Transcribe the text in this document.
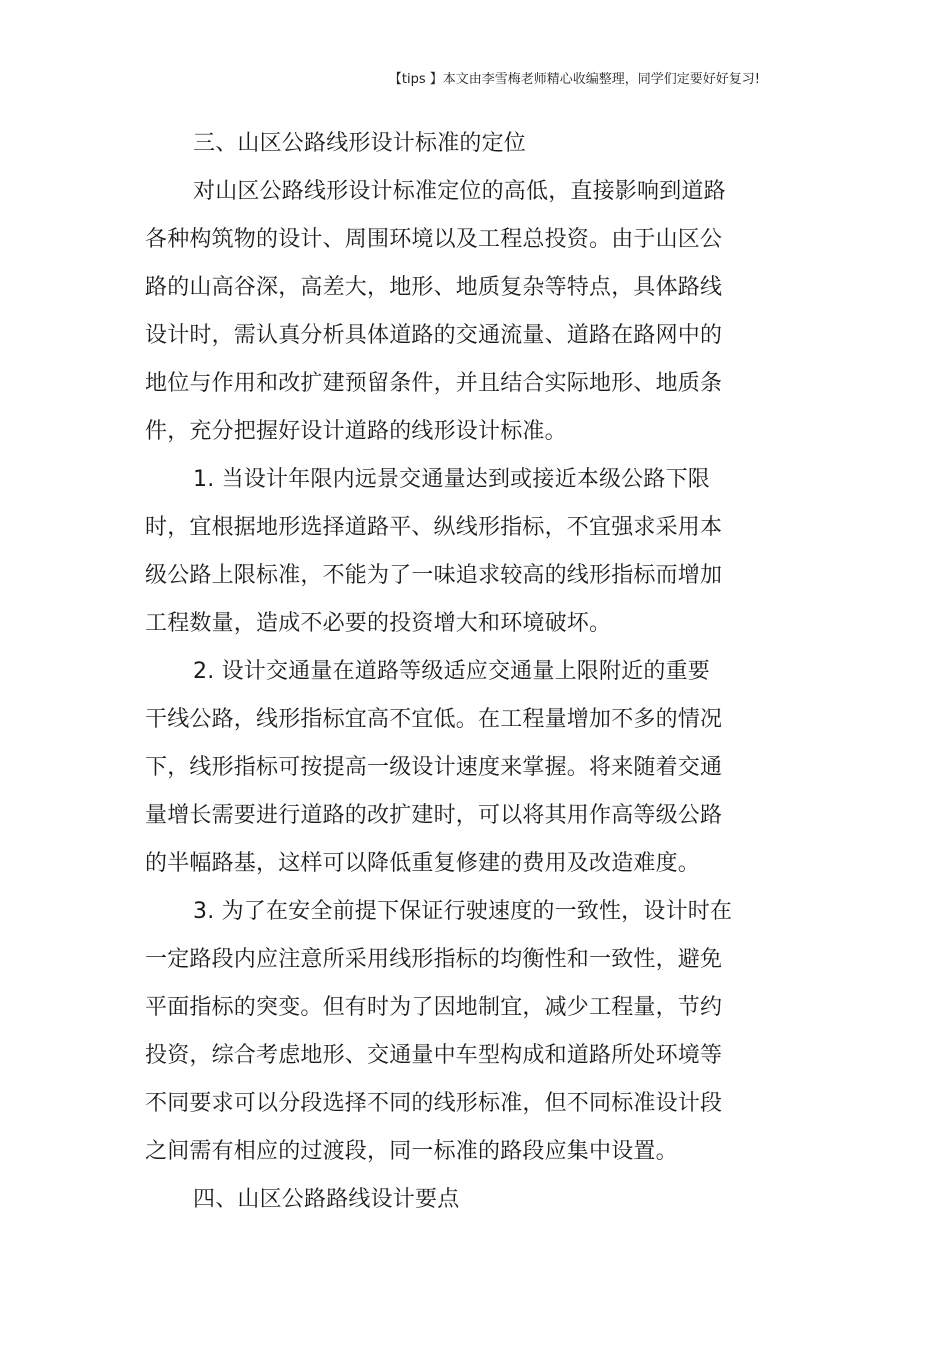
【tips 】本文由李雪梅老师精心收编整理，同学们定要好好复习!
三、山区公路线形设计标准的定位
对山区公路线形设计标准定位的高低，直接影响到道路
各种构筑物的设计、周围环境以及工程总投资。由于山区公
路的山高谷深，高差大，地形、地质复杂等特点，具体路线
设计时，需认真分析具体道路的交通流量、道路在路网中的
地位与作用和改扩建预留条件，并且结合实际地形、地质条
件，充分把握好设计道路的线形设计标准。
1. 当设计年限内远景交通量达到或接近本级公路下限
时，宜根据地形选择道路平、纵线形指标，不宜强求采用本
级公路上限标准，不能为了一味追求较高的线形指标而增加
工程数量，造成不必要的投资增大和环境破坏。
2. 设计交通量在道路等级适应交通量上限附近的重要
干线公路，线形指标宜高不宜低。在工程量增加不多的情况
下，线形指标可按提高一级设计速度来掌握。将来随着交通
量增长需要进行道路的改扩建时，可以将其用作高等级公路
的半幅路基，这样可以降低重复修建的费用及改造难度。
3. 为了在安全前提下保证行驶速度的一致性，设计时在
一定路段内应注意所采用线形指标的均衡性和一致性，避免
平面指标的突变。但有时为了因地制宜，减少工程量，节约
投资，综合考虑地形、交通量中车型构成和道路所处环境等
不同要求可以分段选择不同的线形标准，但不同标准设计段
之间需有相应的过渡段，同一标准的路段应集中设置。
四、山区公路路线设计要点
